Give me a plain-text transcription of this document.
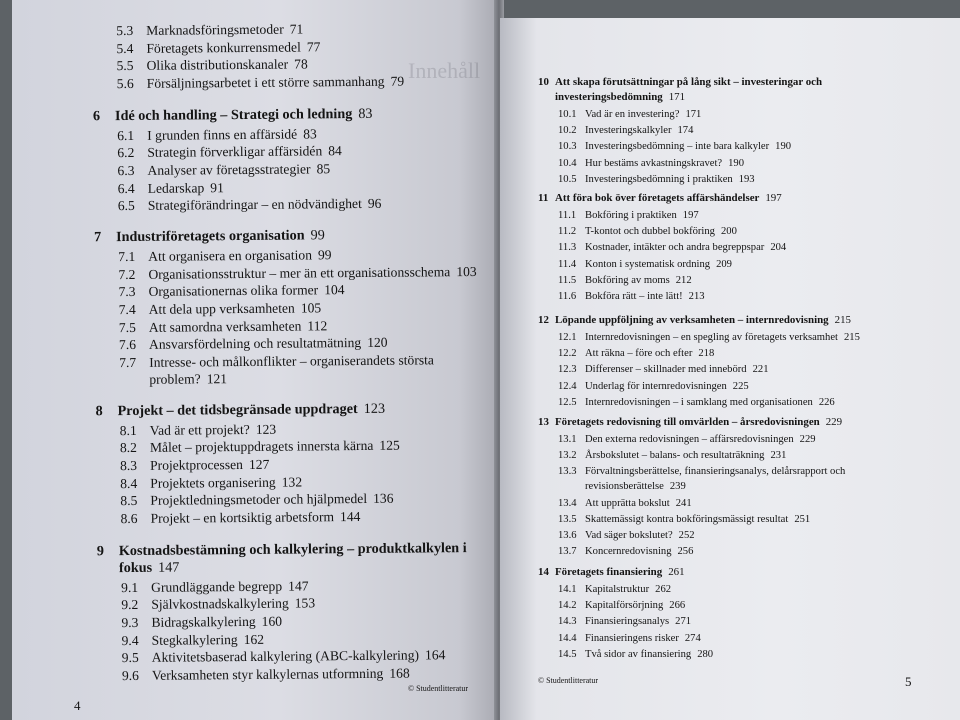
5.3 Marknadsföringsmetoder 71
5.4 Företagets konkurrensmedel 77
5.5 Olika distributionskanaler 78
5.6 Försäljningsarbetet i ett större sammanhang 79
6 Idé och handling – Strategi och ledning 83
6.1 I grunden finns en affärsidé 83
6.2 Strategin förverkligar affärsidén 84
6.3 Analyser av företagsstrategier 85
6.4 Ledarskap 91
6.5 Strategiförändringar – en nödvändighet 96
7 Industriföretagets organisation 99
7.1 Att organisera en organisation 99
7.2 Organisationsstruktur – mer än ett organisationsschema 103
7.3 Organisationernas olika former 104
7.4 Att dela upp verksamheten 105
7.5 Att samordna verksamheten 112
7.6 Ansvarsfördelning och resultatmätning 120
7.7 Intresse- och målkonflikter – organiserandets största
problem? 121
8 Projekt – det tidsbegränsade uppdraget 123
8.1 Vad är ett projekt? 123
8.2 Målet – projektuppdragets innersta kärna 125
8.3 Projektprocessen 127
8.4 Projektets organisering 132
8.5 Projektledningsmetoder och hjälpmedel 136
8.6 Projekt – en kortsiktig arbetsform 144
9 Kostnadsbestämning och kalkylering – produktkalkylen i
fokus 147
9.1 Grundläggande begrepp 147
9.2 Självkostnadskalkylering 153
9.3 Bidragskalkylering 160
9.4 Stegkalkylering 162
9.5 Aktivitetsbaserad kalkylering (ABC-kalkylering) 164
9.6 Verksamheten styr kalkylernas utformning 168
© Studentlitteratur
4
Innehåll	10 Att skapa förutsättningar på lång sikt – investeringar och
investeringsbedömning 171
10.1 Vad är en investering? 171
10.2 Investeringskalkyler 174
10.3 Investeringsbedömning – inte bara kalkyler 190
10.4 Hur bestäms avkastningskravet? 190
10.5 Investeringsbedömning i praktiken 193
11 Att föra bok över företagets affärshändelser 197
11.1 Bokföring i praktiken 197
11.2 T-kontot och dubbel bokföring 200
11.3 Kostnader, intäkter och andra begreppspar 204
11.4 Konton i systematisk ordning 209
11.5 Bokföring av moms 212
11.6 Bokföra rätt – inte lätt! 213
12 Löpande uppföljning av verksamheten – internredovisning 215
12.1 Internredovisningen – en spegling av företagets verksamhet 215
12.2 Att räkna – före och efter 218
12.3 Differenser – skillnader med innebörd 221
12.4 Underlag för internredovisningen 225
12.5 Internredovisningen – i samklang med organisationen 226
13 Företagets redovisning till omvärlden – årsredovisningen 229
13.1 Den externa redovisningen – affärsredovisningen 229
13.2 Årsbokslutet – balans- och resultaträkning 231
13.3 Förvaltningsberättelse, finansieringsanalys, delårsrapport och
revisionsberättelse 239
13.4 Att upprätta bokslut 241
13.5 Skattemässigt kontra bokföringsmässigt resultat 251
13.6 Vad säger bokslutet? 252
13.7 Koncernredovisning 256
14 Företagets finansiering 261
14.1 Kapitalstruktur 262
14.2 Kapitalförsörjning 266
14.3 Finansieringsanalys 271
14.4 Finansieringens risker 274
14.5 Två sidor av finansiering 280
© Studentlitteratur	5
